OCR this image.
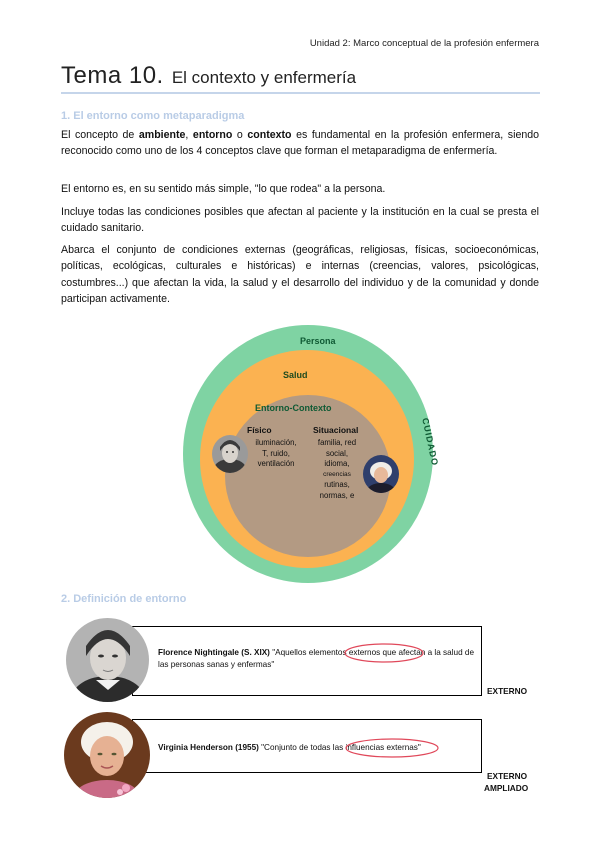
Unidad 2: Marco conceptual de la profesión enfermera
Tema 10. El contexto y enfermería
1. El entorno como metaparadigma
El concepto de ambiente, entorno o contexto es fundamental en la profesión enfermera, siendo reconocido como uno de los 4 conceptos clave que forman el metaparadigma de enfermería.
El entorno es, en su sentido más simple, "lo que rodea" a la persona.
Incluye todas las condiciones posibles que afectan al paciente y la institución en la cual se presta el cuidado sanitario.
Abarca el conjunto de condiciones externas (geográficas, religiosas, físicas, socioeconómicas, políticas, ecológicas, culturales e históricas) e internas (creencias, valores, psicológicas, costumbres...) que afectan la vida, la salud y el desarrollo del individuo y de la comunidad y donde participan activamente.
Persona
Salud
Entorno-Contexto
CUIDADO
Físico
iluminación,
T, ruido,
ventilación
Situacional
familia, red
social,
idioma,
creencias
rutinas,
normas, e
2. Definición de entorno
Florence Nightingale (S. XIX) "Aquellos elementos externos que afectan a la salud de las personas sanas y enfermas"
EXTERNO
Virginia Henderson (1955) "Conjunto de todas las influencias externas"
EXTERNO
AMPLIADO
